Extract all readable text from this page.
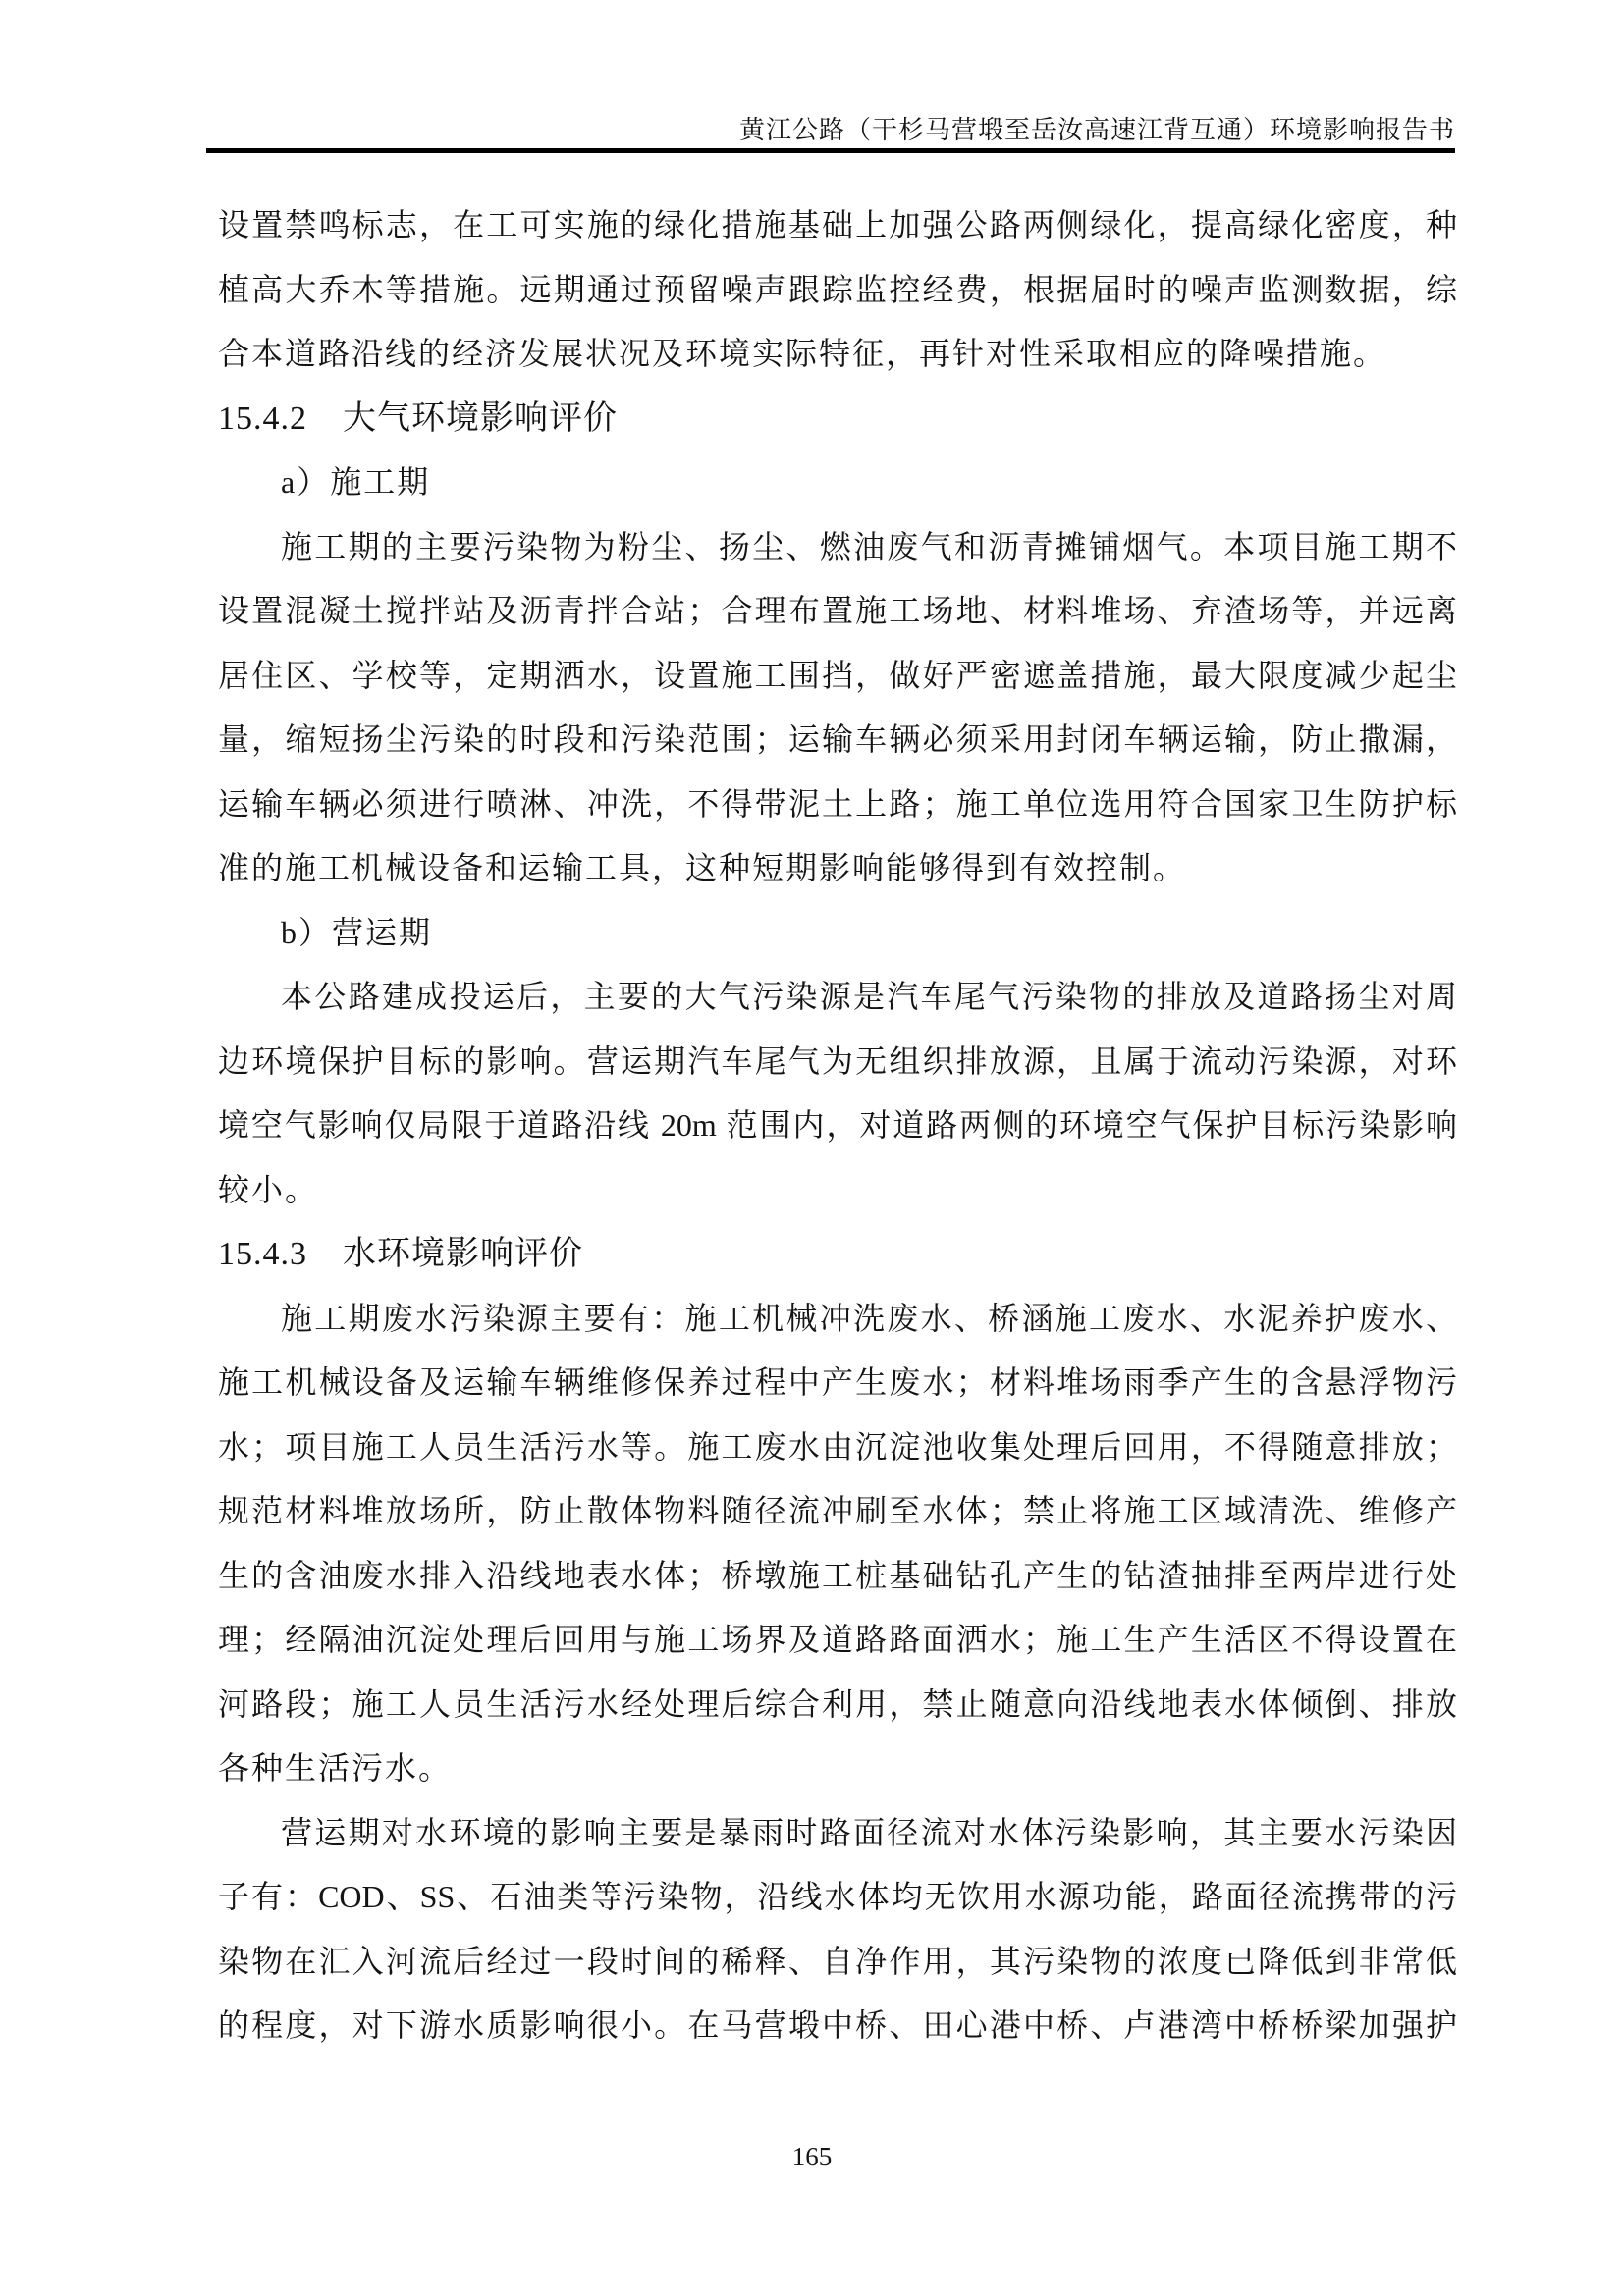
黄江公路（干杉马营塅至岳汝高速江背互通）环境影响报告书
设置禁鸣标志，在工可实施的绿化措施基础上加强公路两侧绿化，提高绿化密度，种
植高大乔木等措施。远期通过预留噪声跟踪监控经费，根据届时的噪声监测数据，综
合本道路沿线的经济发展状况及环境实际特征，再针对性采取相应的降噪措施。
15.4.2 大气环境影响评价
a）施工期
施工期的主要污染物为粉尘、扬尘、燃油废气和沥青摊铺烟气。本项目施工期不
设置混凝土搅拌站及沥青拌合站；合理布置施工场地、材料堆场、弃渣场等，并远离
居住区、学校等，定期洒水，设置施工围挡，做好严密遮盖措施，最大限度减少起尘
量，缩短扬尘污染的时段和污染范围；运输车辆必须采用封闭车辆运输，防止撒漏，
运输车辆必须进行喷淋、冲洗，不得带泥土上路；施工单位选用符合国家卫生防护标
准的施工机械设备和运输工具，这种短期影响能够得到有效控制。
b）营运期
本公路建成投运后，主要的大气污染源是汽车尾气污染物的排放及道路扬尘对周
边环境保护目标的影响。营运期汽车尾气为无组织排放源，且属于流动污染源，对环
境空气影响仅局限于道路沿线 20m 范围内，对道路两侧的环境空气保护目标污染影响
较小。
15.4.3 水环境影响评价
施工期废水污染源主要有：施工机械冲洗废水、桥涵施工废水、水泥养护废水、
施工机械设备及运输车辆维修保养过程中产生废水；材料堆场雨季产生的含悬浮物污
水；项目施工人员生活污水等。施工废水由沉淀池收集处理后回用，不得随意排放；
规范材料堆放场所，防止散体物料随径流冲刷至水体；禁止将施工区域清洗、维修产
生的含油废水排入沿线地表水体；桥墩施工桩基础钻孔产生的钻渣抽排至两岸进行处
理；经隔油沉淀处理后回用与施工场界及道路路面洒水；施工生产生活区不得设置在
河路段；施工人员生活污水经处理后综合利用，禁止随意向沿线地表水体倾倒、排放
各种生活污水。
营运期对水环境的影响主要是暴雨时路面径流对水体污染影响，其主要水污染因
子有：COD、SS、石油类等污染物，沿线水体均无饮用水源功能，路面径流携带的污
染物在汇入河流后经过一段时间的稀释、自净作用，其污染物的浓度已降低到非常低
的程度，对下游水质影响很小。在马营塅中桥、田心港中桥、卢港湾中桥桥梁加强护
165
